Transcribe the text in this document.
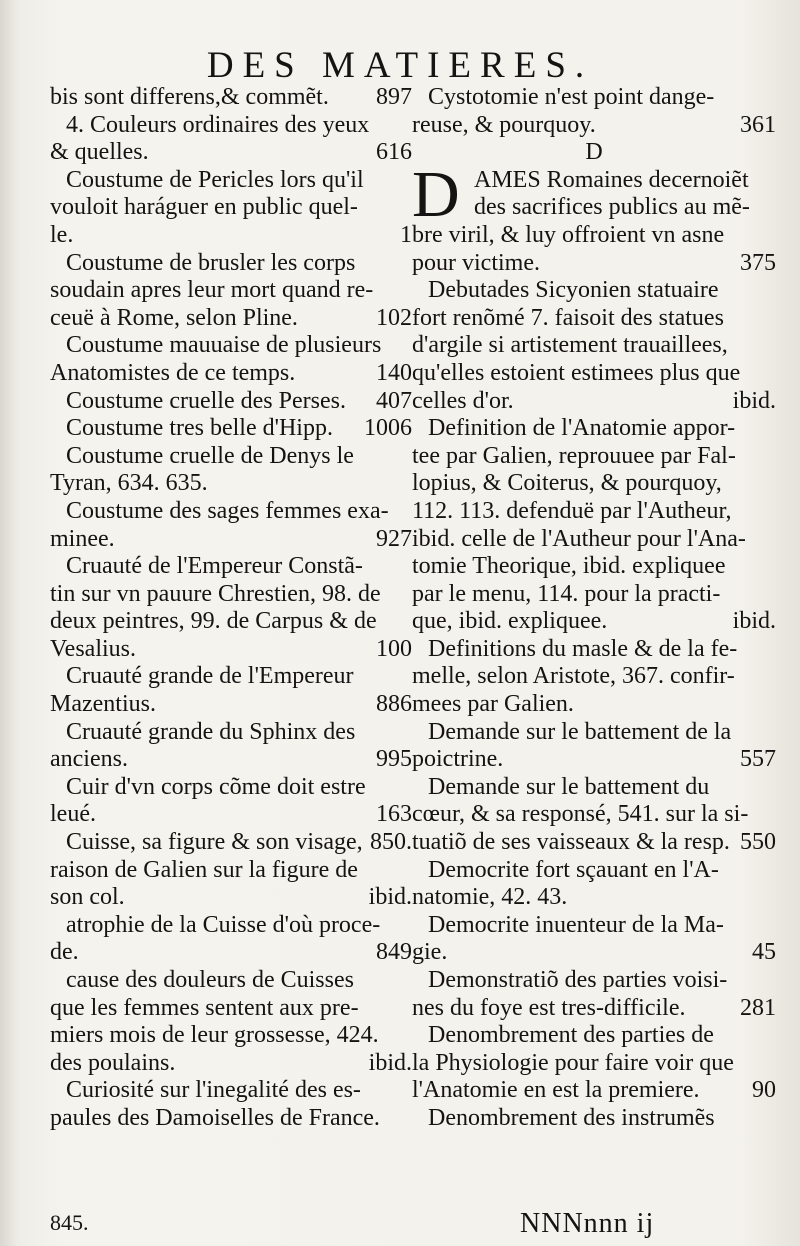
DES MATIERES.
bis sont differens,& commẽt. 897
4. Couleurs ordinaires des yeux
& quelles.	616
Coustume de Pericles lors qu'il
vouloit haráguer en public quel-
le.	1
Coustume de brusler les corps
soudain apres leur mort quand re-
ceuë à Rome, selon Pline.	102
Coustume mauuaise de plusieurs
Anatomistes de ce temps.	140
Coustume cruelle des Perses. 407
Coustume tres belle d'Hipp. 1006
Coustume cruelle de Denys le
Tyran, 634. 635.
Coustume des sages femmes exa-
minee.	927
Cruauté de l'Empereur Constã-
tin sur vn pauure Chrestien, 98. de
deux peintres, 99. de Carpus & de
Vesalius.	100
Cruauté grande de l'Empereur
Mazentius.	886
Cruauté grande du Sphinx des
anciens.	995
Cuir d'vn corps cõme doit estre
leué.	163
Cuisse, sa figure & son visage, 850.
raison de Galien sur la figure de
son col.	ibid.
atrophie de la Cuisse d'où proce-
de.	849
cause des douleurs de Cuisses
que les femmes sentent aux pre-
miers mois de leur grossesse, 424.
des poulains.	ibid.
Curiosité sur l'inegalité des es-
paules des Damoiselles de France.
Cystotomie n'est point dange-
reuse, & pourquoy.	361
D
D AMES Romaines decernoiẽt
des sacrifices publics au mẽ-
bre viril, & luy offroient vn asne
pour victime.	375
Debutades Sicyonien statuaire
fort renõmé 7. faisoit des statues
d'argile si artistement trauaillees,
qu'elles estoient estimees plus que
celles d'or.	ibid.
Definition de l'Anatomie appor-
tee par Galien, reprouuee par Fal-
lopius, & Coiterus, & pourquoy,
112. 113. defenduë par l'Autheur,
ibid. celle de l'Autheur pour l'Ana-
tomie Theorique, ibid. expliquee
par le menu, 114. pour la practi-
que, ibid. expliquee.	ibid.
Definitions du masle & de la fe-
melle, selon Aristote, 367. confir-
mees par Galien.
Demande sur le battement de la
poictrine.	557
Demande sur le battement du
cœur, & sa responsé, 541. sur la si-
tuatiõ de ses vaisseaux & la resp. 550
Democrite fort sçauant en l'A-
natomie, 42. 43.
Democrite inuenteur de la Ma-
gie.	45
Demonstratiõ des parties voisi-
nes du foye est tres-difficile. 281
Denombrement des parties de
la Physiologie pour faire voir que
l'Anatomie en est la premiere. 90
Denombrement des instrumẽs
845.	NNNnnn ij
